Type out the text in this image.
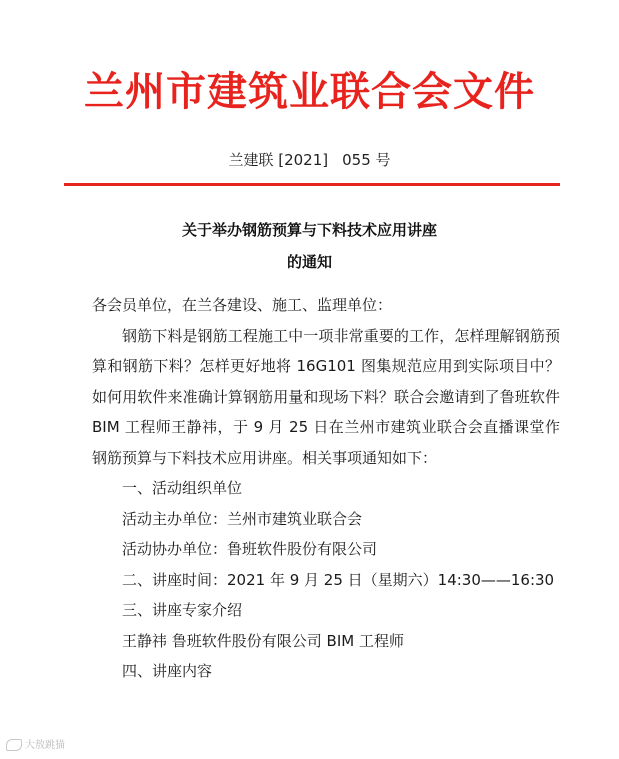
兰州市建筑业联合会文件
兰建联 [2021] 055 号
关于举办钢筋预算与下料技术应用讲座
的通知

各会员单位，在兰各建设、施工、监理单位：

钢筋下料是钢筋工程施工中一项非常重要的工作，怎样理解钢筋预算和钢筋下料？怎样更好地将 16G101 图集规范应用到实际项目中？如何用软件来准确计算钢筋用量和现场下料？联合会邀请到了鲁班软件 BIM 工程师王静祎，于 9 月 25 日在兰州市建筑业联合会直播课堂作钢筋预算与下料技术应用讲座。相关事项通知如下：

一、活动组织单位

活动主办单位：兰州市建筑业联合会

活动协办单位：鲁班软件股份有限公司

二、讲座时间：2021 年 9 月 25 日（星期六）14:30——16:30

三、讲座专家介绍

王静祎 鲁班软件股份有限公司 BIM 工程师

四、讲座内容

大敖跳猫
